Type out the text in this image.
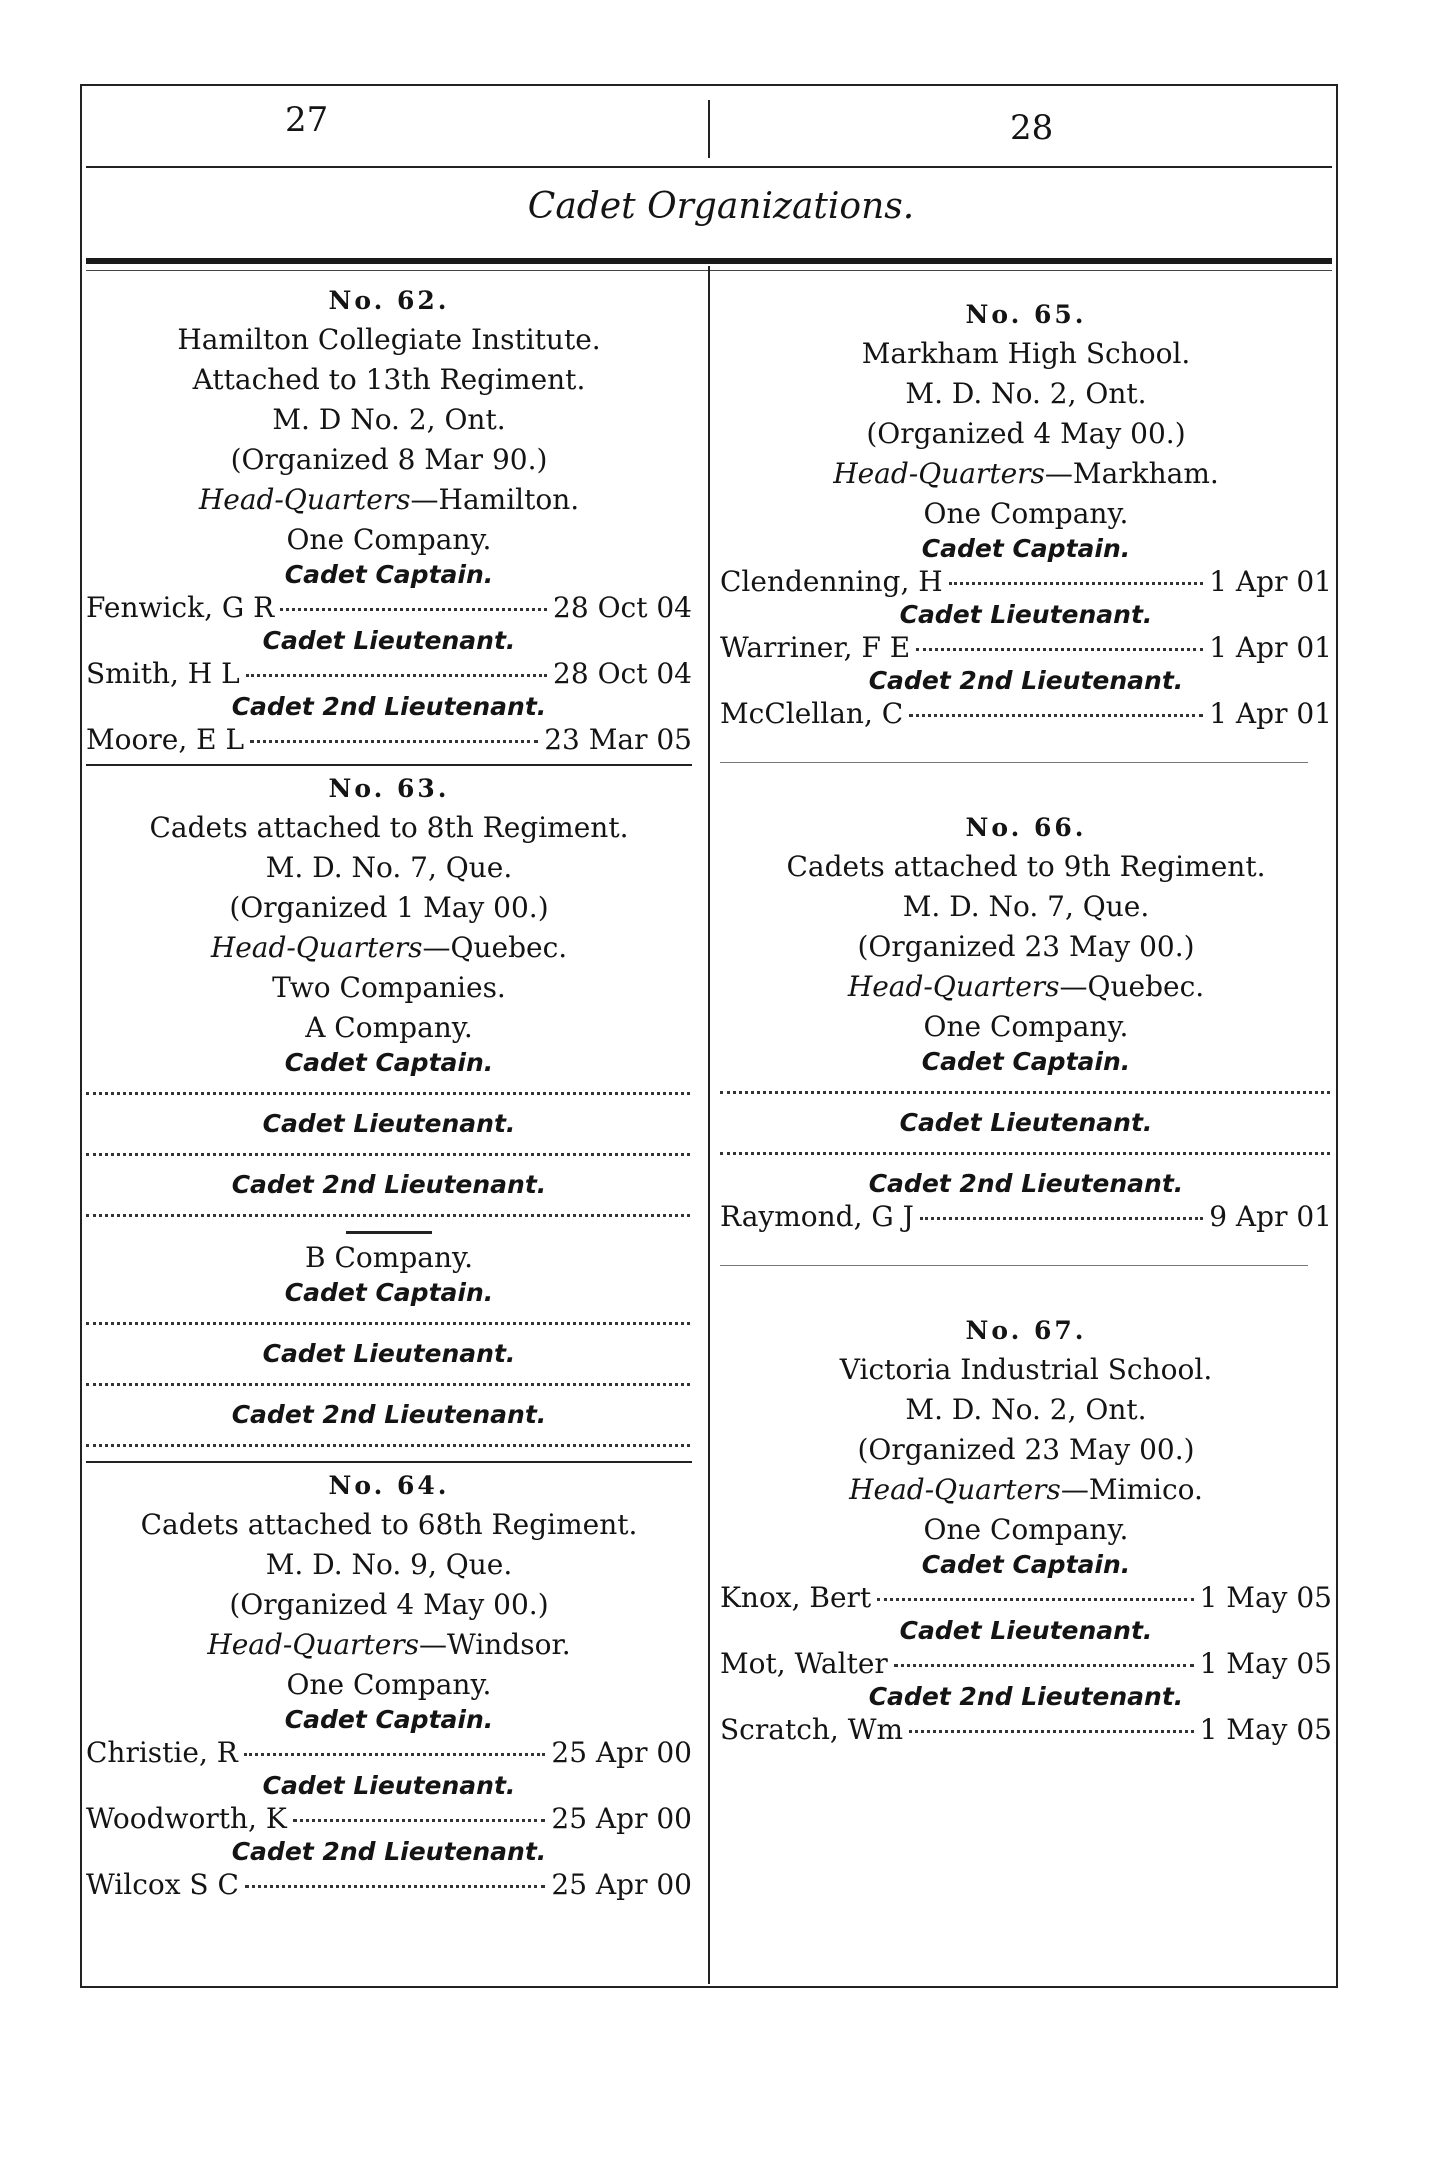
27	28
Cadet Organizations.
No. 62.
Hamilton Collegiate Institute.
Attached to 13th Regiment.
M. D No. 2, Ont.
(Organized 8 Mar 90.)
Head-Quarters—Hamilton.
One Company.
Cadet Captain.
Fenwick, G R	28 Oct 04
Cadet Lieutenant.
Smith, H L	28 Oct 04
Cadet 2nd Lieutenant.
Moore, E L	23 Mar 05
No. 63.
Cadets attached to 8th Regiment.
M. D. No. 7, Que.
(Organized 1 May 00.)
Head-Quarters—Quebec.
Two Companies.
A Company.
Cadet Captain.
Cadet Lieutenant.
Cadet 2nd Lieutenant.
B Company.
Cadet Captain.
Cadet Lieutenant.
Cadet 2nd Lieutenant.
No. 64.
Cadets attached to 68th Regiment.
M. D. No. 9, Que.
(Organized 4 May 00.)
Head-Quarters—Windsor.
One Company.
Cadet Captain.
Christie, R	25 Apr 00
Cadet Lieutenant.
Woodworth, K	25 Apr 00
Cadet 2nd Lieutenant.
Wilcox S C	25 Apr 00
No. 65.
Markham High School.
M. D. No. 2, Ont.
(Organized 4 May 00.)
Head-Quarters—Markham.
One Company.
Cadet Captain.
Clendenning, H	1 Apr 01
Cadet Lieutenant.
Warriner, F E	1 Apr 01
Cadet 2nd Lieutenant.
McClellan, C	1 Apr 01
No. 66.
Cadets attached to 9th Regiment.
M. D. No. 7, Que.
(Organized 23 May 00.)
Head-Quarters—Quebec.
One Company.
Cadet Captain.
Cadet Lieutenant.
Cadet 2nd Lieutenant.
Raymond, G J	9 Apr 01
No. 67.
Victoria Industrial School.
M. D. No. 2, Ont.
(Organized 23 May 00.)
Head-Quarters—Mimico.
One Company.
Cadet Captain.
Knox, Bert	1 May 05
Cadet Lieutenant.
Mot, Walter	1 May 05
Cadet 2nd Lieutenant.
Scratch, Wm	1 May 05
